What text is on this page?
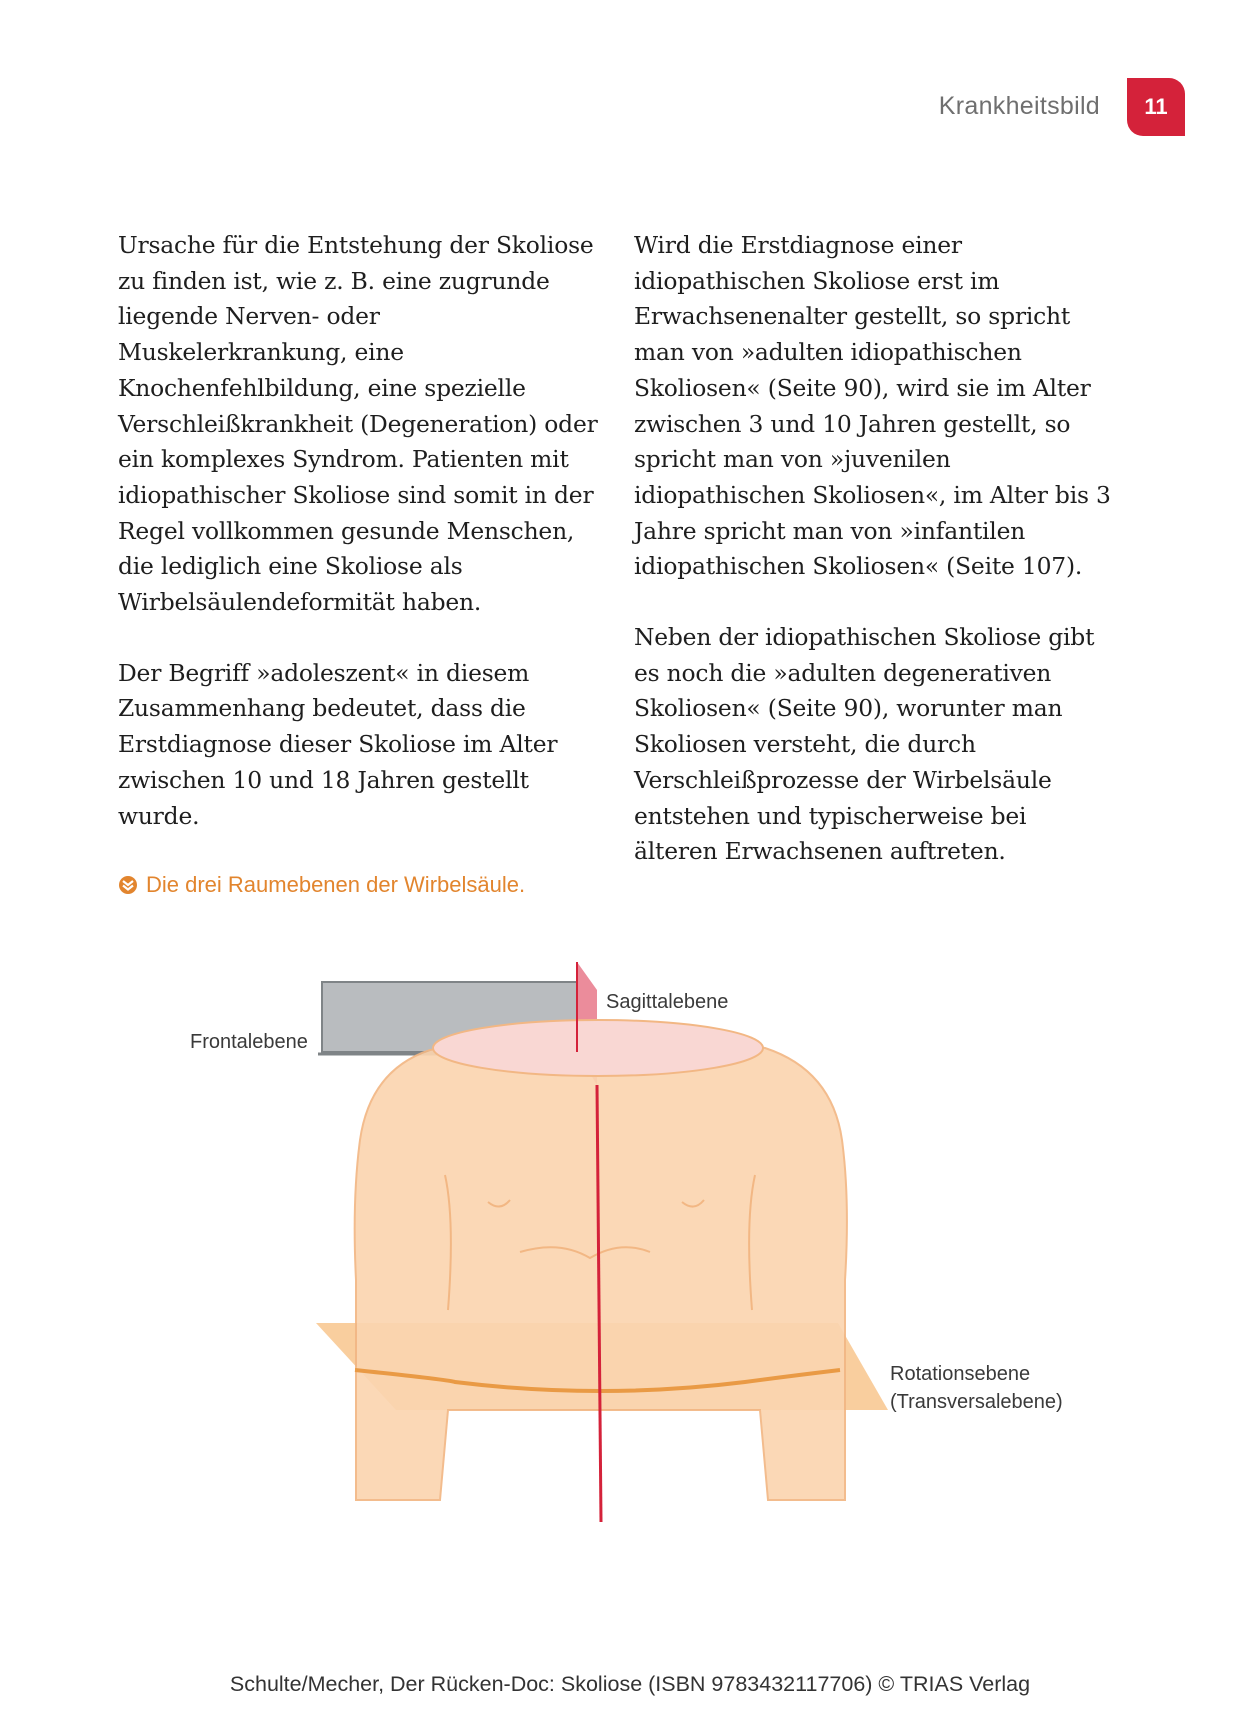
Krankheitsbild	11

Ursache für die Entstehung der Skoliose zu finden ist, wie z. B. eine zugrunde liegende Nerven- oder Muskelerkrankung, eine Knochenfehlbildung, eine spezielle Verschleißkrankheit (Degeneration) oder ein komplexes Syndrom. Patienten mit idiopathischer Skoliose sind somit in der Regel vollkommen gesunde Menschen, die lediglich eine Skoliose als Wirbelsäulendeformität haben.

Der Begriff »adoleszent« in diesem Zusammenhang bedeutet, dass die Erstdiagnose dieser Skoliose im Alter zwischen 10 und 18 Jahren gestellt wurde.

Wird die Erstdiagnose einer idiopathischen Skoliose erst im Erwachsenenalter gestellt, so spricht man von »adulten idiopathischen Skoliosen« (Seite 90), wird sie im Alter zwischen 3 und 10 Jahren gestellt, so spricht man von »juvenilen idiopathischen Skoliosen«, im Alter bis 3 Jahre spricht man von »infantilen idiopathischen Skoliosen« (Seite 107).

Neben der idiopathischen Skoliose gibt es noch die »adulten degenerativen Skoliosen« (Seite 90), worunter man Skoliosen versteht, die durch Verschleißprozesse der Wirbelsäule entstehen und typischerweise bei älteren Erwachsenen auftreten.

Die drei Raumebenen der Wirbelsäule.
Frontalebene
Sagittalebene
Rotationsebene
(Transversalebene)
Schulte/Mecher, Der Rücken-Doc: Skoliose (ISBN 9783432117706) © TRIAS Verlag
